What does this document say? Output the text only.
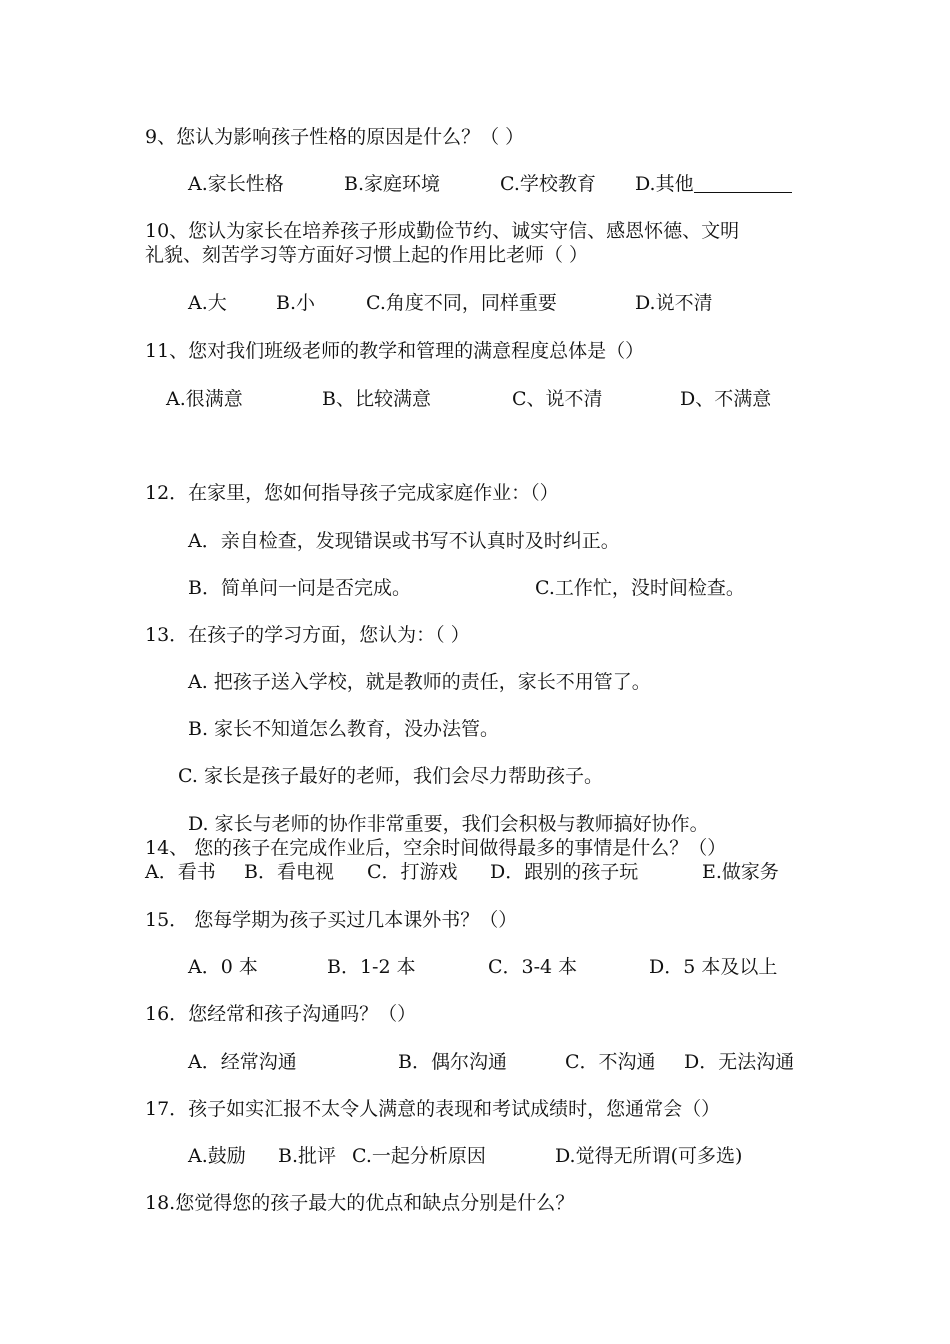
9、您认为影响孩子性格的原因是什么？（ ）
A.家长性格	B.家庭环境	C.学校教育 D.其他
10、您认为家长在培养孩子形成勤俭节约、诚实守信、感恩怀德、文明
礼貌、刻苦学习等方面好习惯上起的作用比老师（ ）
A.大	B.小	C.角度不同，同样重要	D.说不清
11、您对我们班级老师的教学和管理的满意程度总体是（）
A.很满意	B、比较满意	C、说不清	D、不满意
12．在家里，您如何指导孩子完成家庭作业：（）
A．亲自检查，发现错误或书写不认真时及时纠正。
B．简单问一问是否完成。	C.工作忙，没时间检查。
13．在孩子的学习方面，您认为：（ ）
A. 把孩子送入学校，就是教师的责任，家长不用管了。
B. 家长不知道怎么教育，没办法管。
C. 家长是孩子最好的老师，我们会尽力帮助孩子。
D. 家长与老师的协作非常重要，我们会积极与教师搞好协作。
14、 您的孩子在完成作业后，空余时间做得最多的事情是什么？（）
A．看书 B．看电视 C．打游戏 D．跟别的孩子玩	E.做家务
15． 您每学期为孩子买过几本课外书？（）
A．0 本	B．1-2 本	C．3-4 本	D．5 本及以上
16．您经常和孩子沟通吗？（）
A．经常沟通	B．偶尔沟通	C．不沟通 D．无法沟通
17．孩子如实汇报不太令人满意的表现和考试成绩时，您通常会（）
A.鼓励 B.批评 C.一起分析原因	D.觉得无所谓(可多选)
18.您觉得您的孩子最大的优点和缺点分别是什么？
